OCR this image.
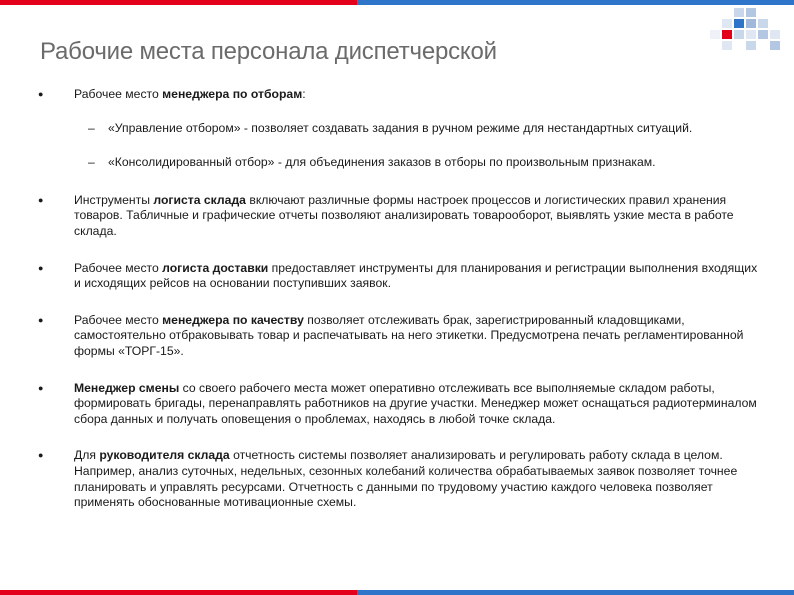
Рабочие места персонала диспетчерской
●	Рабочее место менеджера по отборам:
– «Управление отбором» - позволяет создавать задания в ручном режиме для нестандартных ситуаций.
– «Консолидированный отбор» - для объединения заказов в отборы по произвольным признакам.
●	Инструменты логиста склада включают различные формы настроек процессов и логистических правил хранения товаров. Табличные и графические отчеты позволяют анализировать товарооборот, выявлять узкие места в работе склада.
●	Рабочее место логиста доставки предоставляет инструменты для планирования и регистрации выполнения входящих и исходящих рейсов на основании поступивших заявок.
●	Рабочее место менеджера по качеству позволяет отслеживать брак, зарегистрированный кладовщиками, самостоятельно отбраковывать товар и распечатывать на него этикетки. Предусмотрена печать регламентированной формы «ТОРГ-15».
●	Менеджер смены со своего рабочего места может оперативно отслеживать все выполняемые складом работы, формировать бригады, перенаправлять работников на другие участки. Менеджер может оснащаться радиотерминалом сбора данных и получать оповещения о проблемах, находясь в любой точке склада.
●	Для руководителя склада отчетность системы позволяет анализировать и регулировать работу склада в целом. Например, анализ суточных, недельных, сезонных колебаний количества обрабатываемых заявок позволяет точнее планировать и управлять ресурсами. Отчетность с данными по трудовому участию каждого человека позволяет применять обоснованные мотивационные схемы.
